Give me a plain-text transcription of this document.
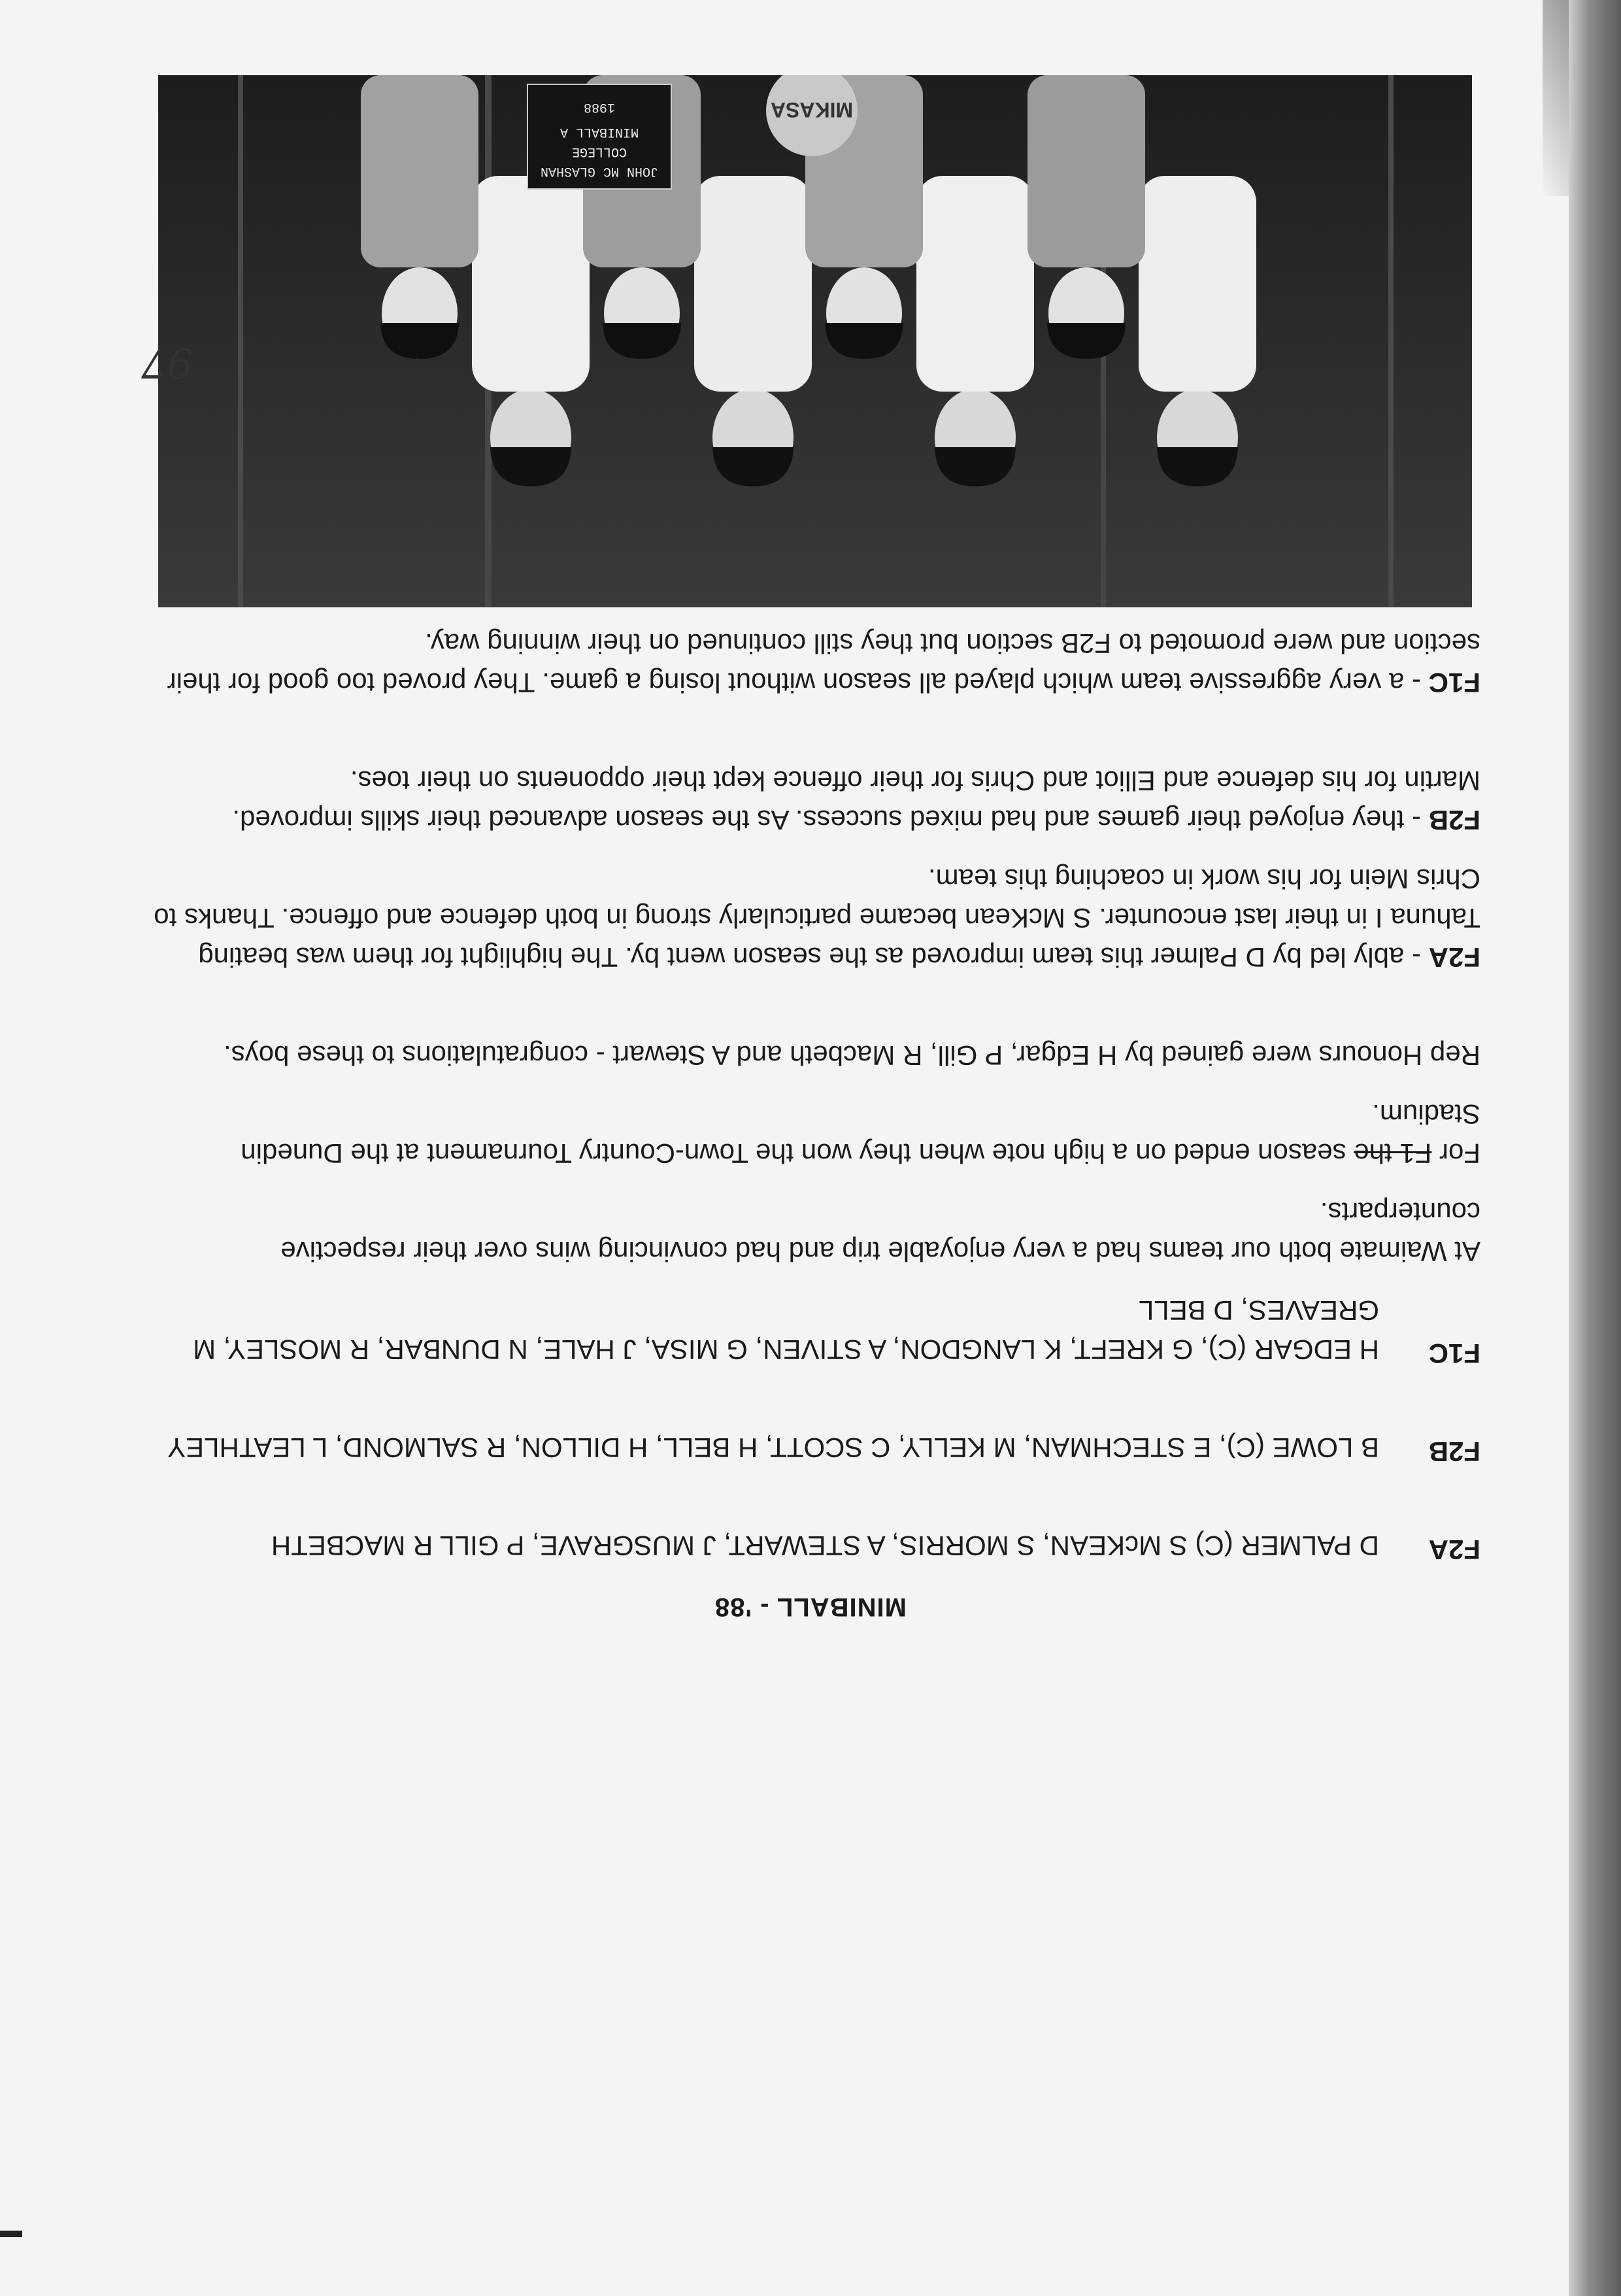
MINIBALL - '88
F2A
D PALMER (C) S McKEAN, S MORRIS, A STEWART, J MUSGRAVE, P GILL R MACBETH
F2B
B LOWE (C), E STECHMAN, M KELLY, C SCOTT, H BELL, H DILLON, R SALMOND, L LEATHLEY
F1C
H EDGAR (C), G KREFT, K LANGDON, A STIVEN, G MISA, J HALE, N DUNBAR, R MOSLEY, M GREAVES, D BELL

At Waimate both our teams had a very enjoyable trip and had convincing wins over their respective counterparts.

For F1 the season ended on a high note when they won the Town-Country Tournament at the Dunedin Stadium.

Rep Honours were gained by H Edgar, P Gill, R Macbeth and A Stewart - congratulations to these boys.

F2A - ably led by D Palmer this team improved as the season went by. The highlight for them was beating Tahuna I in their last encounter. S McKean became particularly strong in both defence and offence. Thanks to Chris Mein for his work in coaching this team.

F2B - they enjoyed their games and had mixed success. As the season advanced their skills improved. Martin for his defence and Elliot and Chris for their offence kept their opponents on their toes.

F1C - a very aggressive team which played all season without losing a game. They proved too good for their section and were promoted to F2B section but they still continued on their winning way.

MIKASA
JOHN MC GLASHAN
COLLEGE
MINIBALL A
1988
97
